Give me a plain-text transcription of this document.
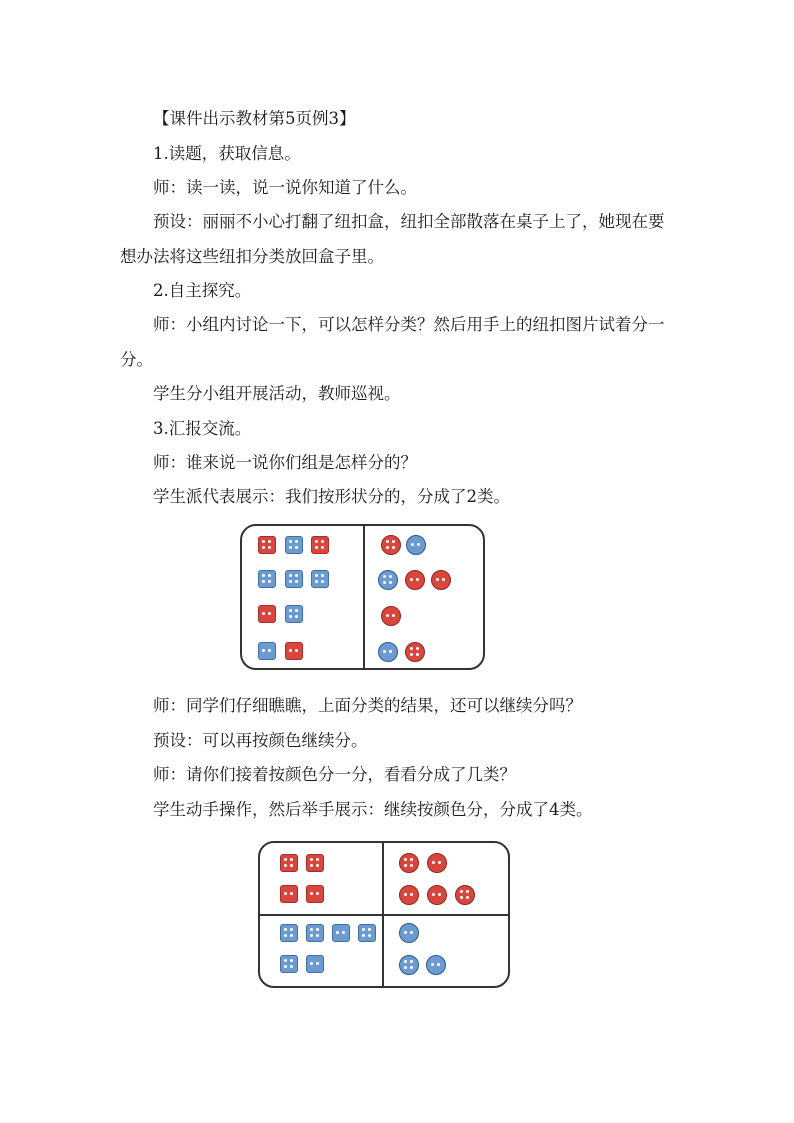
【课件出示教材第5页例3】

1.读题，获取信息。

师：读一读，说一说你知道了什么。

预设：丽丽不小心打翻了纽扣盒，纽扣全部散落在桌子上了，她现在要想办法将这些纽扣分类放回盒子里。

2.自主探究。

师：小组内讨论一下，可以怎样分类？然后用手上的纽扣图片试着分一分。

学生分小组开展活动，教师巡视。

3.汇报交流。

师：谁来说一说你们组是怎样分的？

学生派代表展示：我们按形状分的，分成了2类。

师：同学们仔细瞧瞧，上面分类的结果，还可以继续分吗？

预设：可以再按颜色继续分。

师：请你们接着按颜色分一分，看看分成了几类？

学生动手操作，然后举手展示：继续按颜色分，分成了4类。
